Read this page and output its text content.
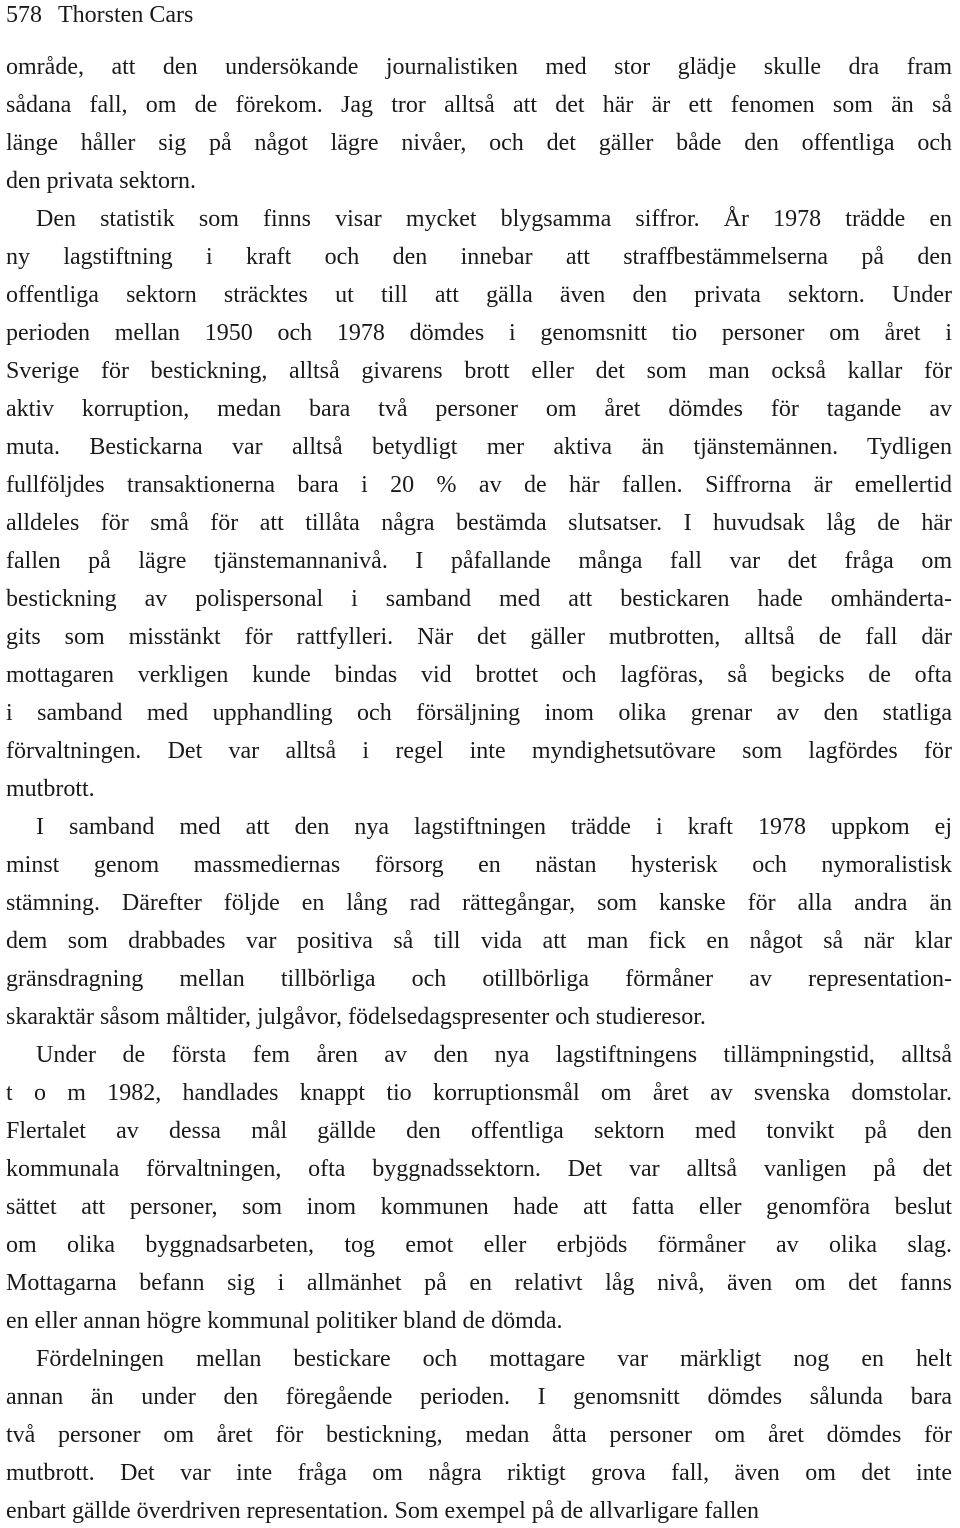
578 Thorsten Cars
område, att den undersökande journalistiken med stor glädje skulle dra fram
sådana fall, om de förekom. Jag tror alltså att det här är ett fenomen som än så
länge håller sig på något lägre nivåer, och det gäller både den offentliga och
den privata sektorn.
Den statistik som finns visar mycket blygsamma siffror. År 1978 trädde en
ny lagstiftning i kraft och den innebar att straffbestämmelserna på den
offentliga sektorn sträcktes ut till att gälla även den privata sektorn. Under
perioden mellan 1950 och 1978 dömdes i genomsnitt tio personer om året i
Sverige för bestickning, alltså givarens brott eller det som man också kallar för
aktiv korruption, medan bara två personer om året dömdes för tagande av
muta. Bestickarna var alltså betydligt mer aktiva än tjänstemännen. Tydligen
fullföljdes transaktionerna bara i 20 % av de här fallen. Siffrorna är emellertid
alldeles för små för att tillåta några bestämda slutsatser. I huvudsak låg de här
fallen på lägre tjänstemannanivå. I påfallande många fall var det fråga om
bestickning av polispersonal i samband med att bestickaren hade omhänderta-
gits som misstänkt för rattfylleri. När det gäller mutbrotten, alltså de fall där
mottagaren verkligen kunde bindas vid brottet och lagföras, så begicks de ofta
i samband med upphandling och försäljning inom olika grenar av den statliga
förvaltningen. Det var alltså i regel inte myndighetsutövare som lagfördes för
mutbrott.
I samband med att den nya lagstiftningen trädde i kraft 1978 uppkom ej
minst genom massmediernas försorg en nästan hysterisk och nymoralistisk
stämning. Därefter följde en lång rad rättegångar, som kanske för alla andra än
dem som drabbades var positiva så till vida att man fick en något så när klar
gränsdragning mellan tillbörliga och otillbörliga förmåner av representation-
skaraktär såsom måltider, julgåvor, födelsedagspresenter och studieresor.
Under de första fem åren av den nya lagstiftningens tillämpningstid, alltså
t o m 1982, handlades knappt tio korruptionsmål om året av svenska domstolar.
Flertalet av dessa mål gällde den offentliga sektorn med tonvikt på den
kommunala förvaltningen, ofta byggnadssektorn. Det var alltså vanligen på det
sättet att personer, som inom kommunen hade att fatta eller genomföra beslut
om olika byggnadsarbeten, tog emot eller erbjöds förmåner av olika slag.
Mottagarna befann sig i allmänhet på en relativt låg nivå, även om det fanns
en eller annan högre kommunal politiker bland de dömda.
Fördelningen mellan bestickare och mottagare var märkligt nog en helt
annan än under den föregående perioden. I genomsnitt dömdes sålunda bara
två personer om året för bestickning, medan åtta personer om året dömdes för
mutbrott. Det var inte fråga om några riktigt grova fall, även om det inte
enbart gällde överdriven representation. Som exempel på de allvarligare fallen
